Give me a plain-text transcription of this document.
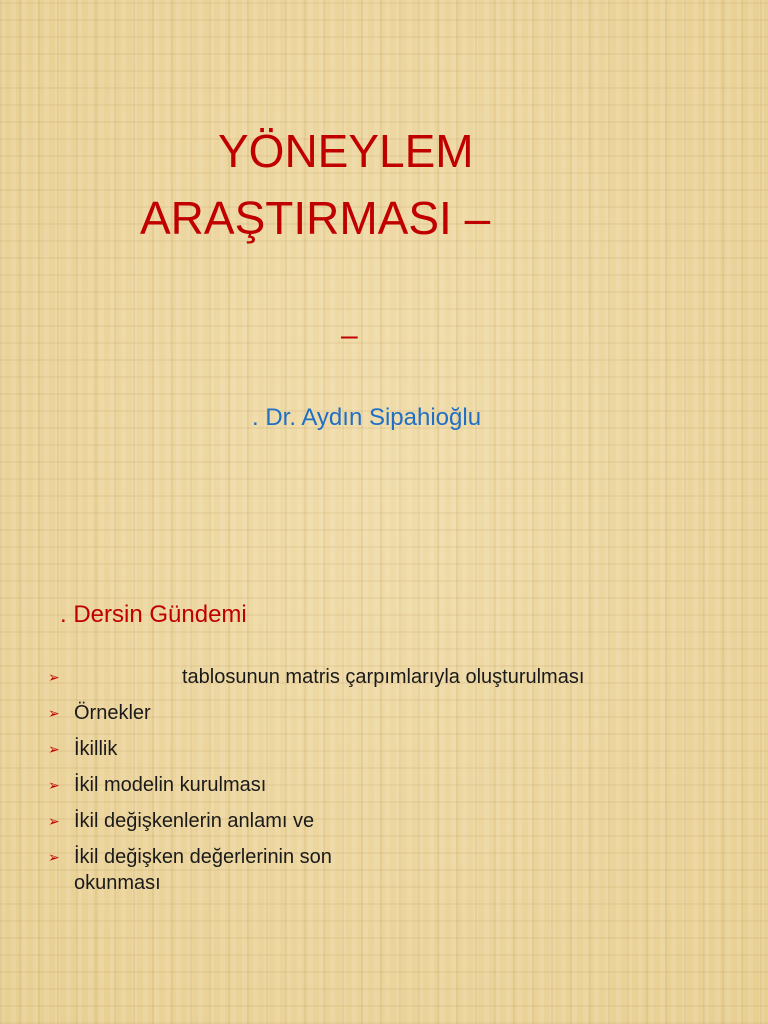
YÖNEYLEM
ARAŞTIRMASI –
–
. Dr. Aydın Sipahioğlu
. Dersin Gündemi
➢	tablosunun matris çarpımlarıyla oluşturulması
➢ Örnekler
➢ İkillik
➢ İkil modelin kurulması
➢ İkil değişkenlerin anlamı ve
➢ İkil değişken değerlerinin son okunması
